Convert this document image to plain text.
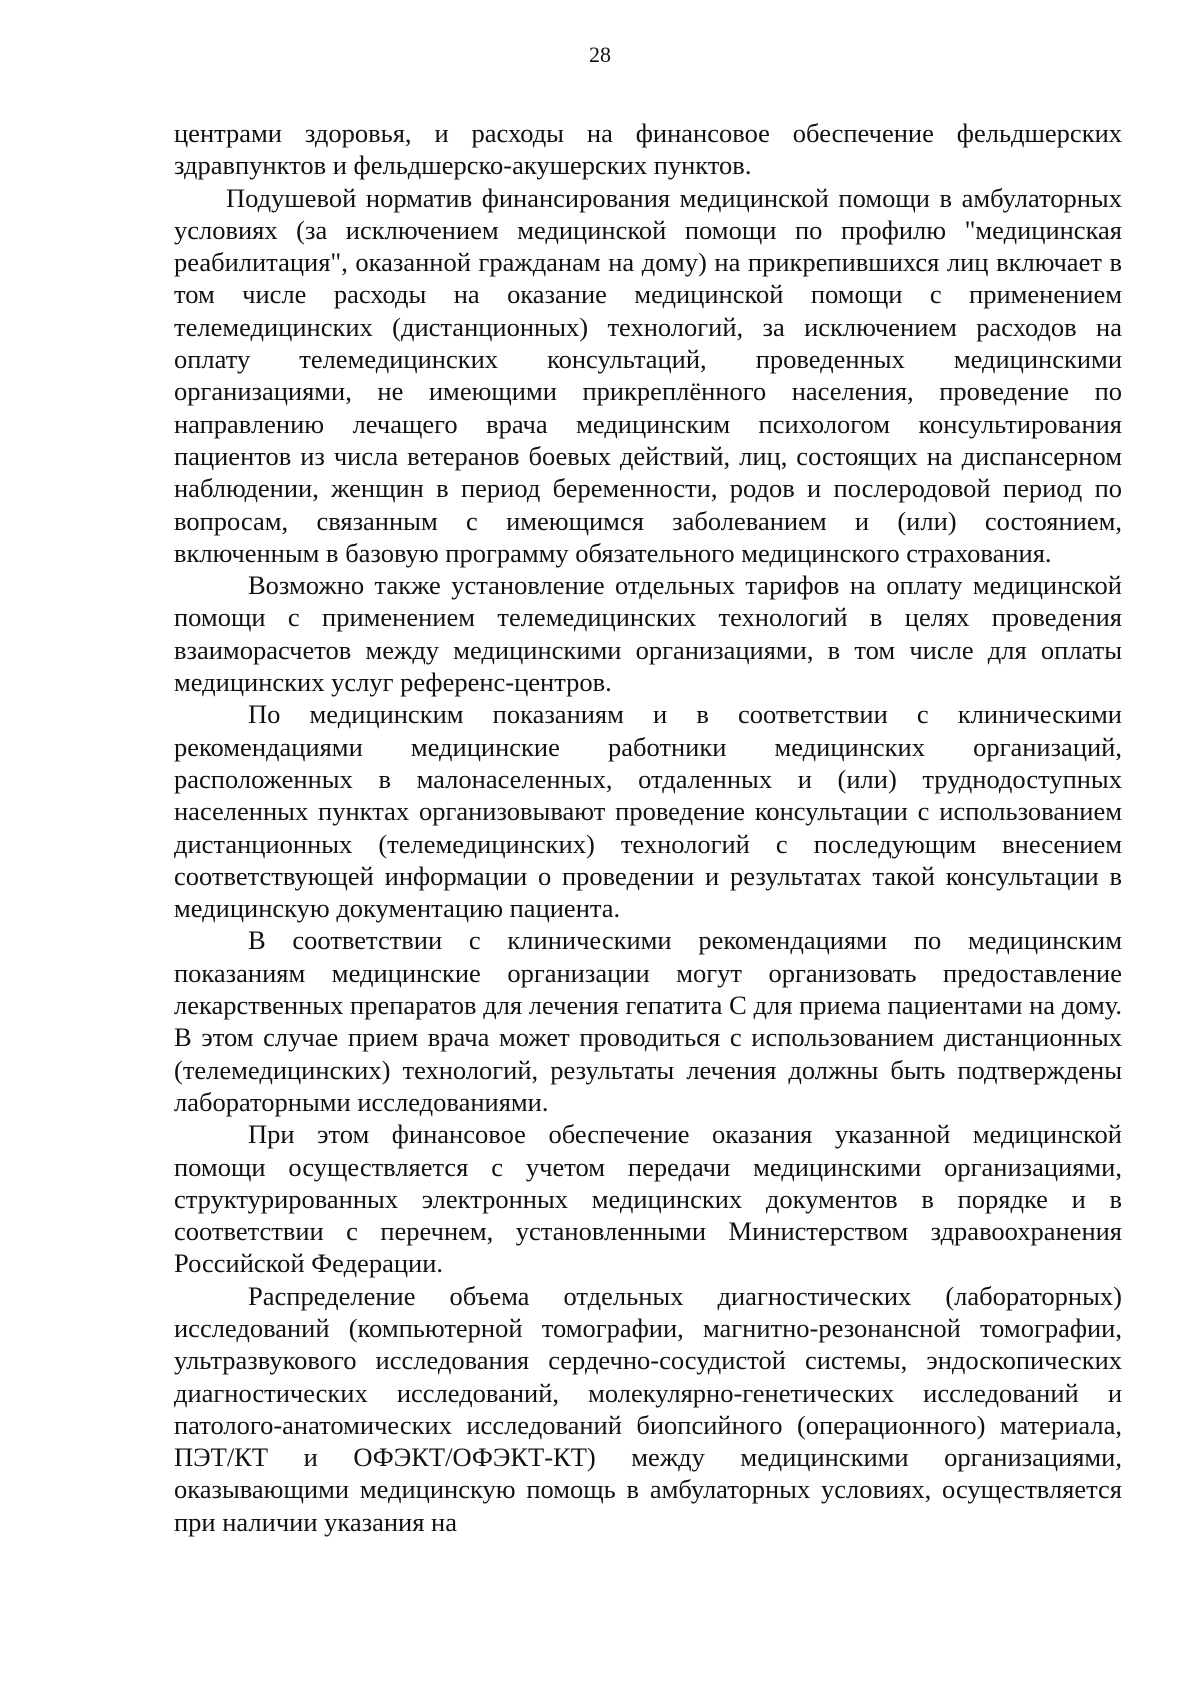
28

центрами здоровья, и расходы на финансовое обеспечение фельдшерских здравпунктов и фельдшерско-акушерских пунктов.

Подушевой норматив финансирования медицинской помощи в амбулаторных условиях (за исключением медицинской помощи по профилю "медицинская реабилитация", оказанной гражданам на дому) на прикрепившихся лиц включает в том числе расходы на оказание медицинской помощи с применением телемедицинских (дистанционных) технологий, за исключением расходов на оплату телемедицинских консультаций, проведенных медицинскими организациями, не имеющими прикреплённого населения, проведение по направлению лечащего врача медицинским психологом консультирования пациентов из числа ветеранов боевых действий, лиц, состоящих на диспансерном наблюдении, женщин в период беременности, родов и послеродовой период по вопросам, связанным с имеющимся заболеванием и (или) состоянием, включенным в базовую программу обязательного медицинского страхования.

Возможно также установление отдельных тарифов на оплату медицинской помощи с применением телемедицинских технологий в целях проведения взаиморасчетов между медицинскими организациями, в том числе для оплаты медицинских услуг референс-центров.

По медицинским показаниям и в соответствии с клиническими рекомендациями медицинские работники медицинских организаций, расположенных в малонаселенных, отдаленных и (или) труднодоступных населенных пунктах организовывают проведение консультации с использованием дистанционных (телемедицинских) технологий с последующим внесением соответствующей информации о проведении и результатах такой консультации в медицинскую документацию пациента.

В соответствии с клиническими рекомендациями по медицинским показаниям медицинские организации могут организовать предоставление лекарственных препаратов для лечения гепатита С для приема пациентами на дому. В этом случае прием врача может проводиться с использованием дистанционных (телемедицинских) технологий, результаты лечения должны быть подтверждены лабораторными исследованиями.

При этом финансовое обеспечение оказания указанной медицинской помощи осуществляется с учетом передачи медицинскими организациями, структурированных электронных медицинских документов в порядке и в соответствии с перечнем, установленными Министерством здравоохранения Российской Федерации.

Распределение объема отдельных диагностических (лабораторных) исследований (компьютерной томографии, магнитно-резонансной томографии, ультразвукового исследования сердечно-сосудистой системы, эндоскопических диагностических исследований, молекулярно-генетических исследований и патолого-анатомических исследований биопсийного (операционного) материала, ПЭТ/КТ и ОФЭКТ/ОФЭКТ-КТ) между медицинскими организациями, оказывающими медицинскую помощь в амбулаторных условиях, осуществляется при наличии указания на
